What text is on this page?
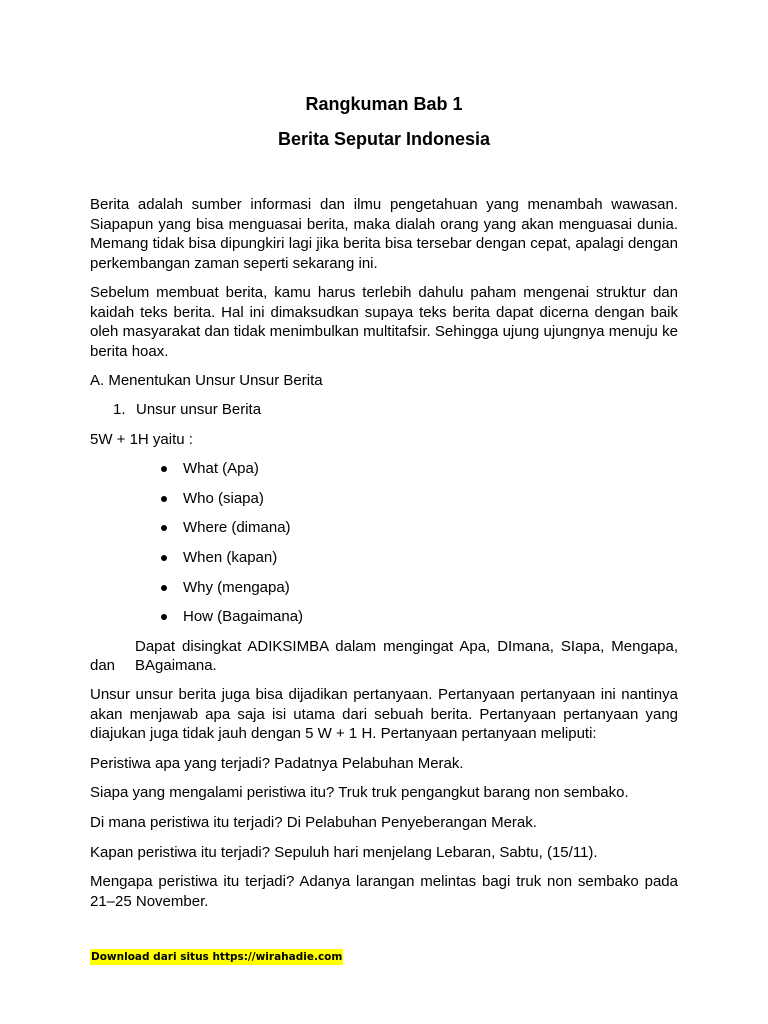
Rangkuman Bab 1
Berita Seputar Indonesia

Berita adalah sumber informasi dan ilmu pengetahuan yang menambah wawasan. Siapapun yang bisa menguasai berita, maka dialah orang yang akan menguasai dunia. Memang tidak bisa dipungkiri lagi jika berita bisa tersebar dengan cepat, apalagi dengan perkembangan zaman seperti sekarang ini.

Sebelum membuat berita, kamu harus terlebih dahulu paham mengenai struktur dan kaidah teks berita. Hal ini dimaksudkan supaya teks berita dapat dicerna dengan baik oleh masyarakat dan tidak menimbulkan multitafsir. Sehingga ujung ujungnya menuju ke berita hoax.

A. Menentukan Unsur Unsur Berita
1. Unsur unsur Berita
5W + 1H yaitu :
What (Apa)
Who (siapa)
Where (dimana)
When (kapan)
Why (mengapa)
How (Bagaimana)
Dapat disingkat ADIKSIMBA dalam mengingat Apa, DImana, SIapa, Mengapa,
dan BAgaimana.

Unsur unsur berita juga bisa dijadikan pertanyaan. Pertanyaan pertanyaan ini nantinya akan menjawab apa saja isi utama dari sebuah berita. Pertanyaan pertanyaan yang diajukan juga tidak jauh dengan 5 W + 1 H. Pertanyaan pertanyaan meliputi:

Peristiwa apa yang terjadi? Padatnya Pelabuhan Merak.
Siapa yang mengalami peristiwa itu? Truk truk pengangkut barang non sembako.
Di mana peristiwa itu terjadi? Di Pelabuhan Penyeberangan Merak.
Kapan peristiwa itu terjadi? Sepuluh hari menjelang Lebaran, Sabtu, (15/11).

Mengapa peristiwa itu terjadi? Adanya larangan melintas bagi truk non sembako pada 21–25 November.

Download dari situs https://wirahadie.com
